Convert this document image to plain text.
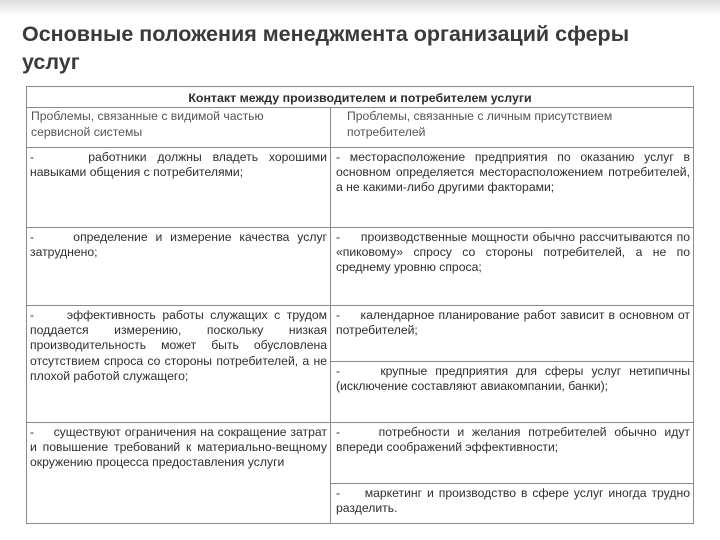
Основные положения менеджмента организаций сферы услуг
Контакт между производителем и потребителем услуги
Проблемы, связанные с видимой частью сервисной системы
Проблемы, связанные с личным присутствием потребителей
-     работники должны владеть хорошими навыками общения с потребителями;
-     определение и измерение качества услуг затруднено;
-     эффективность работы служащих с трудом поддается измерению, поскольку низкая производительность может быть обусловлена отсутствием спроса со стороны потребителей, а не плохой работой служащего;
-     существуют ограничения на сокращение затрат и повышение требований к материально-вещному окружению процесса предоставления услуги
- месторасположение предприятия по оказанию услуг в основном определяется месторасположением потребителей, а не какими-либо другими факторами;
-     производственные мощности обычно рассчитываются по «пиковому» спросу со стороны потребителей, а не по среднему уровню спроса;
-     календарное планирование работ зависит в основном от потребителей;
-     крупные предприятия для сферы услуг нетипичны (исключение составляют авиакомпании, банки);
-     потребности и желания потребителей обычно идут впереди соображений эффективности;
-     маркетинг и производство в сфере услуг иногда трудно разделить.
